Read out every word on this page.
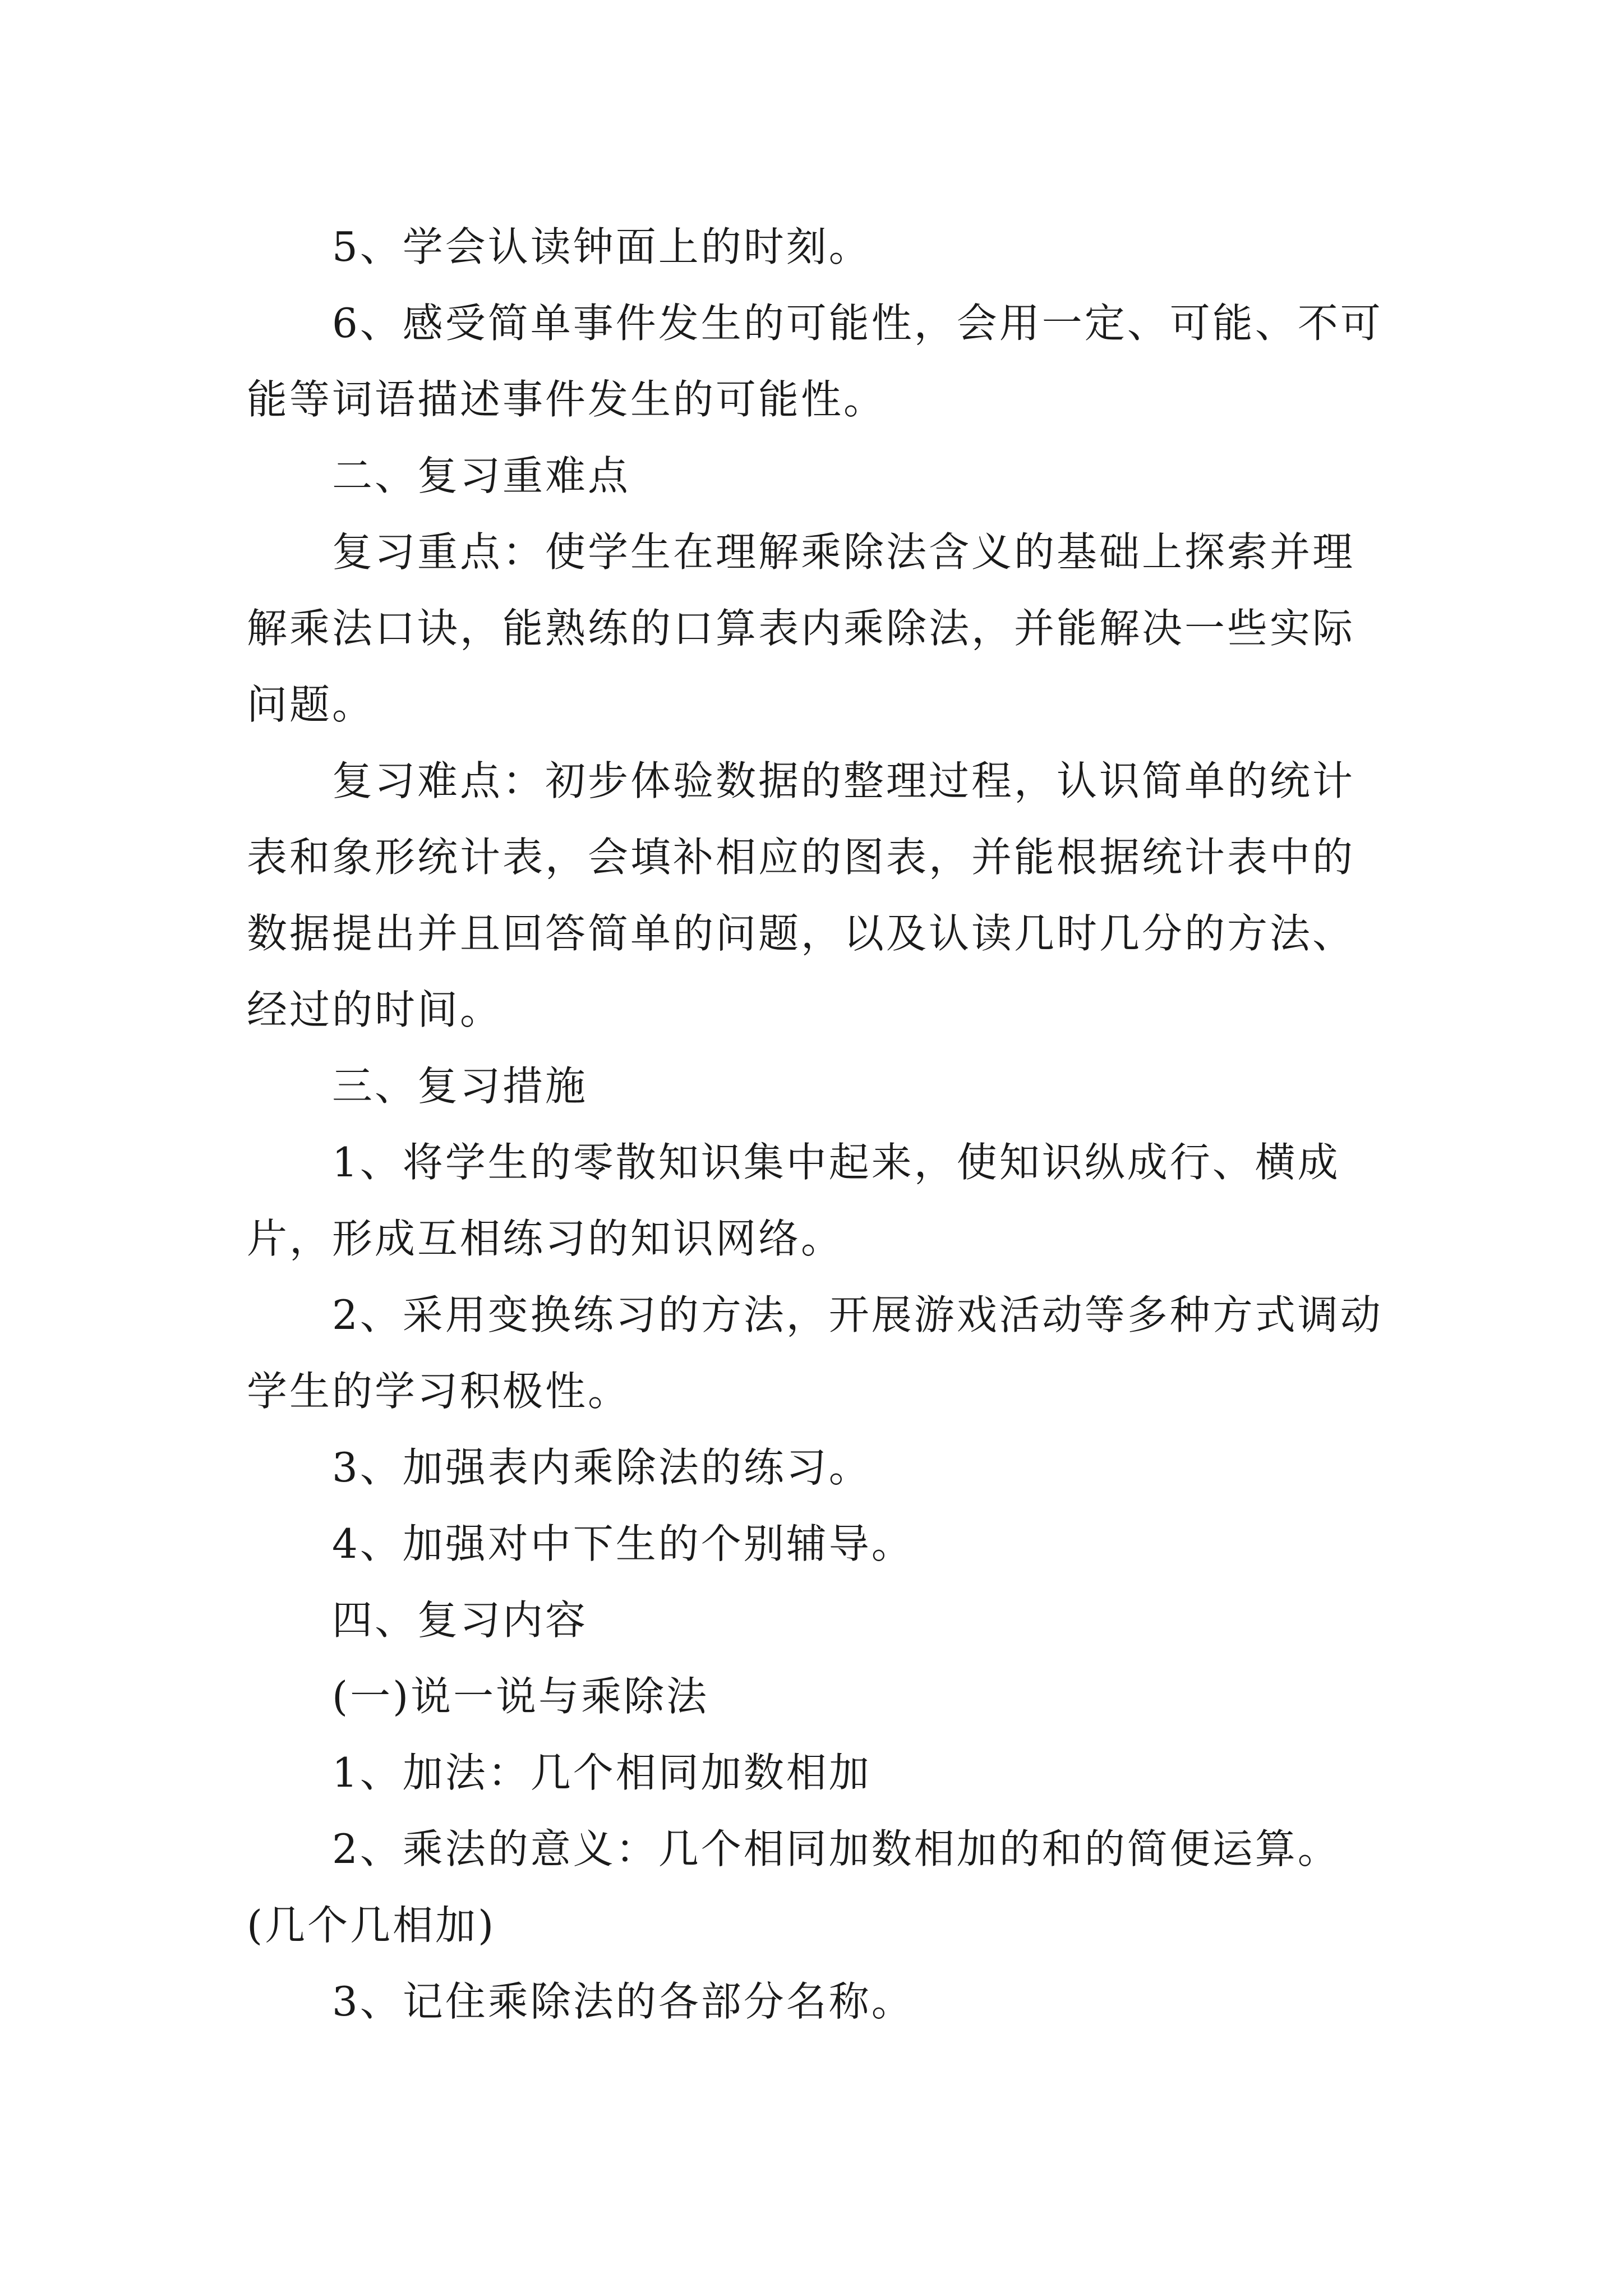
5、学会认读钟面上的时刻。

6、感受简单事件发生的可能性，会用一定、可能、不可能等词语描述事件发生的可能性。

二、复习重难点

复习重点：使学生在理解乘除法含义的基础上探索并理解乘法口诀，能熟练的口算表内乘除法，并能解决一些实际问题。

复习难点：初步体验数据的整理过程，认识简单的统计表和象形统计表，会填补相应的图表，并能根据统计表中的数据提出并且回答简单的问题，以及认读几时几分的方法、经过的时间。

三、复习措施

1、将学生的零散知识集中起来，使知识纵成行、横成片，形成互相练习的知识网络。

2、采用变换练习的方法，开展游戏活动等多种方式调动学生的学习积极性。

3、加强表内乘除法的练习。

4、加强对中下生的个别辅导。

四、复习内容

(一)说一说与乘除法

1、加法：几个相同加数相加

2、乘法的意义：几个相同加数相加的和的简便运算。(几个几相加)

3、记住乘除法的各部分名称。
